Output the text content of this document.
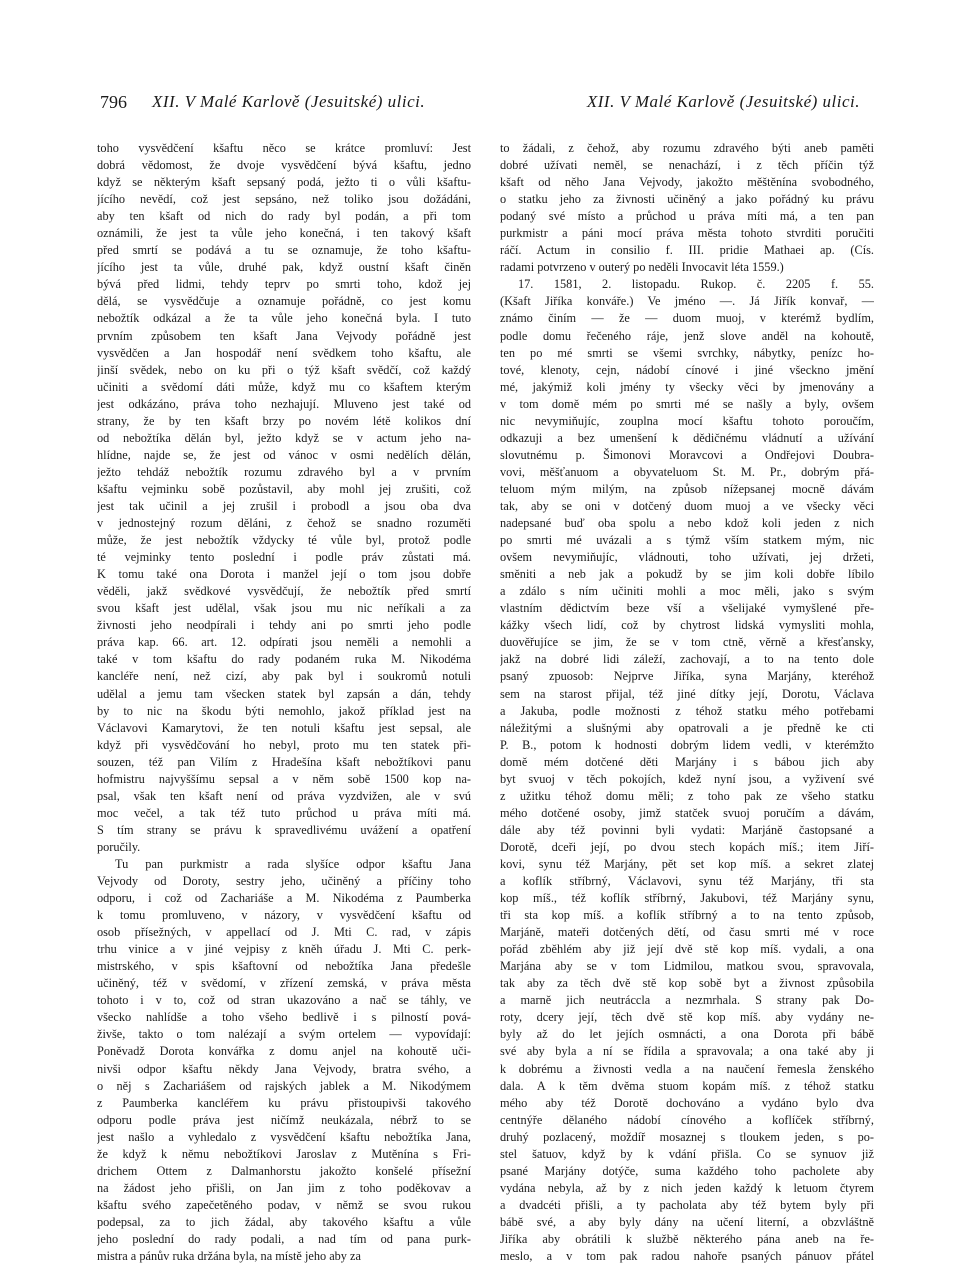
796 XII. V Malé Karlově (Jesuitské) ulici.	XII. V Malé Karlově (Jesuitské) ulici.
toho vysvědčení kšaftu něco se krátce promluví: Jest
dobrá vědomost, že dvoje vysvědčení bývá kšaftu, jedno
když se některým kšaft sepsaný podá, ježto ti o vůli kšaftu-
jícího nevědí, což jest sepsáno, než toliko jsou dožádáni,
aby ten kšaft od nich do rady byl podán, a při tom
oznámili, že jest ta vůle jeho konečná, i ten takový kšaft
před smrtí se podává a tu se oznamuje, že toho kšaftu-
jícího jest ta vůle, druhé pak, když oustní kšaft činěn
bývá před lidmi, tehdy teprv po smrti toho, kdož jej
dělá, se vysvědčuje a oznamuje pořádně, co jest komu
nebožtík odkázal a že ta vůle jeho konečná byla. I tuto
prvním způsobem ten kšaft Jana Vejvody pořádně jest
vysvědčen a Jan hospodář není svědkem toho kšaftu, ale
jinší svědek, nebo on ku při o týž kšaft svědčí, což každý
učiniti a svědomí dáti může, když mu co kšaftem kterým
jest odkázáno, práva toho nezhajují. Mluveno jest také od
strany, že by ten kšaft brzy po novém létě kolikos dní
od nebožtíka dělán byl, ježto když se v actum jeho na-
hlídne, najde se, že jest od vánoc v osmi nedělích dělán,
ježto tehdáž nebožtík rozumu zdravého byl a v prvním
kšaftu vejminku sobě pozůstavil, aby mohl jej zrušiti, což
jest tak učinil a jej zrušil i probodl a jsou oba dva
v jednostejný rozum děláni, z čehož se snadno rozuměti
může, že jest nebožtík vždycky té vůle byl, protož podle
té vejminky tento poslední i podle práv zůstati má.
K tomu také ona Dorota i manžel její o tom jsou dobře
věděli, jakž svědkové vysvědčují, že nebožtík před smrtí
svou kšaft jest udělal, však jsou mu nic neříkali a za
živnosti jeho neodpírali i tehdy ani po smrti jeho podle
práva kap. 66. art. 12. odpírati jsou neměli a nemohli a
také v tom kšaftu do rady podaném ruka M. Nikodéma
kancléře není, než cizí, aby pak byl i soukromů notuli
udělal a jemu tam všecken statek byl zapsán a dán, tehdy
by to nic na škodu býti nemohlo, jakož příklad jest na
Václavovi Kamarytovi, že ten notuli kšaftu jest sepsal, ale
když při vysvědčování ho nebyl, proto mu ten statek při-
souzen, též pan Vilím z Hradešína kšaft nebožtíkovi panu
hofmistru najvyššímu sepsal a v něm sobě 1500 kop na-
psal, však ten kšaft není od práva vyzdvižen, ale v svú
moc večel, a tak též tuto průchod u práva míti má.
S tím strany se právu k spravedlivému uvážení a opatření
poručily.
Tu pan purkmistr a rada slyšíce odpor kšaftu Jana
Vejvody od Doroty, sestry jeho, učiněný a příčiny toho
odporu, i což od Zachariáše a M. Nikodéma z Paumberka
k tomu promluveno, v názory, v vysvědčení kšaftu od
osob přísežných, v appellací od J. Mti C. rad, v zápis
trhu vinice a v jiné vejpisy z kněh úřadu J. Mti C. perk-
mistrského, v spis kšaftovní od nebožtíka Jana předešle
učiněný, též v svědomí, v zřízení zemská, v práva města
tohoto i v to, což od stran ukazováno a nač se táhly, ve
všecko nahlídše a toho všeho bedlivě i s pilností pová-
živše, takto o tom nalézají a svým ortelem — vypovídají:
Poněvadž Dorota konvářka z domu anjel na kohoutě uči-
nivši odpor kšaftu někdy Jana Vejvody, bratra svého, a
o něj s Zachariášem od rajských jablek a M. Nikodýmem
z Paumberka kancléřem ku právu přistoupivši takového
odporu podle práva jest ničímž neukázala, nébrž to se
jest našlo a vyhledalo z vysvědčení kšaftu nebožtíka Jana,
že když k němu nebožtíkovi Jaroslav z Mutěnína s Fri-
drichem Ottem z Dalmanhorstu jakožto konšelé přísežní
na žádost jeho přišli, on Jan jim z toho poděkovav a
kšaftu svého zapečetěného podav, v němž se svou rukou
podepsal, za to jich žádal, aby takového kšaftu a vůle
jeho poslední do rady podali, a nad tím od pana purk-
mistra a pánův ruka držána byla, na místě jeho aby za
to žádali, z čehož, aby rozumu zdravého býti aneb paměti
dobré užívati neměl, se nenachází, i z těch příčin týž
kšaft od něho Jana Vejvody, jakožto měštěnína svobodného,
o statku jeho za živnosti učiněný a jako pořádný ku právu
podaný své místo a průchod u práva míti má, a ten pan
purkmistr a páni mocí práva města tohoto stvrditi poručiti
ráčí. Actum in consilio f. III. pridie Mathaei ap. (Cís.
radami potvrzeno v outerý po neděli Invocavit léta 1559.)
17. 1581, 2. listopadu. Rukop. č. 2205 f. 55.
(Kšaft Jiříka konváře.) Ve jméno —. Já Jiřík konvař, —
známo činím — že — duom muoj, v kterémž bydlím,
podle domu řečeného ráje, jenž slove anděl na kohoutě,
ten po mé smrti se všemi svrchky, nábytky, penízc ho-
tové, klenoty, cejn, nádobí cínové i jiné všecknо jmění
mé, jakýmiž koli jmény ty všecky věci by jmenovány a
v tom domě mém po smrti mé se našly a byly, ovšem
nic nevymiňujíc, zouplna mocí kšaftu tohoto porоučím,
odkazuji a bez umenšení k dědičnému vládnutí a užívání
slovutnému p. Šimonovi Moravcovi a Ondřejovi Doubra-
vovi, měšťanuom a obyvateluom St. M. Pr., dobrým přá-
teluom mým milým, na způsob nížepsanej mocně dávám
tak, aby se oni v dotčený duom muoj a ve všecky věci
nadepsané buď oba spolu a nebo kdož koli jeden z nich
po smrti mé uvázali a s týmž vším statkem mým, nic
ovšem nevymiňujíc, vládnouti, toho užívati, jej držeti,
směniti a neb jak a pokudž by se jim koli dobře líbilo
a zdálo s ním učiniti mohli a moc měli, jako s svým
vlastním dědictvím beze vší a všelijaké vymyšlené pře-
kážky všech lidí, což by chytrost lidská vymysliti mohla,
duověřujíce se jim, že se v tom ctně, věrně a křesťansky,
jakž na dobré lidi záleží, zachovají, a to na tento dole
psaný zpuosob: Nejprve Jiříka, syna Marjány, kteréhož
sem na starost přijal, též jiné dítky její, Dorotu, Václava
a Jakuba, podle možnosti z téhož statku mého potřebami
náležitými a slušnými aby opatrovali a je předně ke cti
P. B., potom k hodnosti dobrým lidem vedli, v kterémžto
domě mém dotčené děti Marjány i s bábou jich aby
byt svuoj v těch pokojích, kdež nyní jsou, a vyživení své
z užitku téhož domu měli; z toho pak ze všeho statku
mého dotčené osoby, jimž statček svuoj poručím a dávám,
dále aby též povinni byli vydati: Marjáně častopsané a
Dorotě, dceři její, po dvou stech kopách míš.; item Jiří-
kovi, synu též Marjány, pět set kop míš. a sekret zlatej
a koflík stříbrný, Václavovi, synu též Marjány, tři sta
kop míš., též koflík stříbrný, Jakubovi, též Marjány synu,
tři sta kop míš. a koflík stříbrný a to na tento způsob,
Marjáně, mateři dotčených dětí, od času smrti mé v roce
pořád zběhlém aby již její dvě stě kop míš. vydali, a ona
Marjána aby se v tom Lidmilou, matkou svou, spravovala,
tak aby za těch dvě stě kop sobě byt a živnost způsobila
a marně jich neutráccla a nezmrhala. S strany pak Do-
roty, dcery její, těch dvě stě kop míš. aby vydány ne-
byly až do let jejích osmnácti, a ona Dorota při bábě
své aby byla a ní se řídila a spravovala; a ona také aby ji
k dobrému a živnosti vedla a na naučení řemesla ženského
dala. A k těm dvěma stuom kopám míš. z téhož statku
mého aby též Dorotě dochováno a vydáno bylo dva
centnýře dělaného nádobí cínového a koflíček stříbrný,
druhý pozlacený, moždíř mosaznej s tloukem jeden, s po-
stel šatuov, když by k vdání přišla. Co se synuov již
psané Marjány dotýče, suma každého toho pacholete aby
vydána nebyla, až by z nich jeden každý k letuom čtyrem
a dvadcéti přišli, a ty pacholata aby též bytem byly při
bábě své, a aby byly dány na učení literní, a obzvláštně
Jiříka aby obrátili k službě některého pána aneb na ře-
meslo, a v tom pak radou nahoře psaných pánuov přátel
